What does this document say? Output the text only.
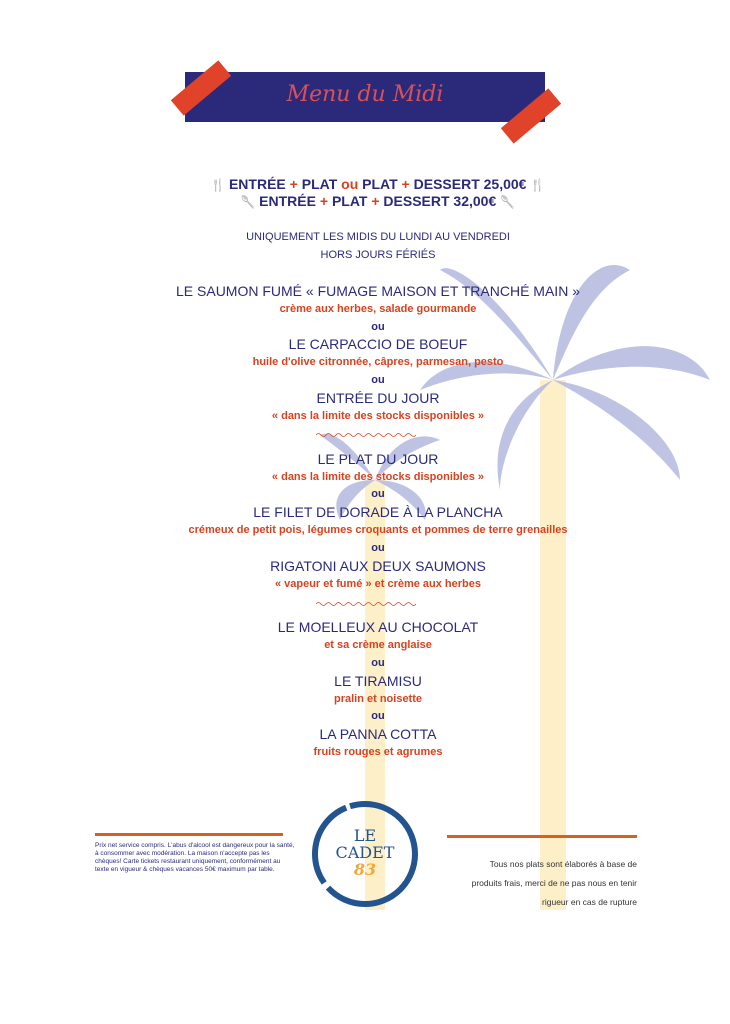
Menu du Midi
🍴 ENTRÉE + PLAT ou PLAT + DESSERT 25,00€ 🍴
🥄 ENTRÉE + PLAT + DESSERT 32,00€ 🥄
UNIQUEMENT LES MIDIS DU LUNDI AU VENDREDI
HORS JOURS FÉRIÉS
LE SAUMON FUMÉ « FUMAGE MAISON ET TRANCHÉ MAIN »
crème aux herbes, salade gourmande
ou
LE CARPACCIO DE BOEUF
huile d'olive citronnée, câpres, parmesan, pesto
ou
ENTRÉE DU JOUR
« dans la limite des stocks disponibles »
LE PLAT DU JOUR
« dans la limite des stocks disponibles »
ou
LE FILET DE DORADE À LA PLANCHA
crémeux de petit pois, légumes croquants et pommes de terre grenailles
ou
RIGATONI AUX DEUX SAUMONS
« vapeur et fumé » et crème aux herbes
LE MOELLEUX AU CHOCOLAT
et sa crème anglaise
ou
LE TIRAMISU
pralin et noisette
ou
LA PANNA COTTA
fruits rouges et agrumes
Prix net service compris. L'abus d'alcool est dangereux pour la santé, à consommer avec modération. La maison n'accepte pas les chèques! Carte tickets restaurant uniquement, conformément au texte en vigueur & chèques vacances 50€ maximum par table.
Tous nos plats sont élaborés à base de
produits frais, merci de ne pas nous en tenir
rigueur en cas de rupture
LE
CADET
83
